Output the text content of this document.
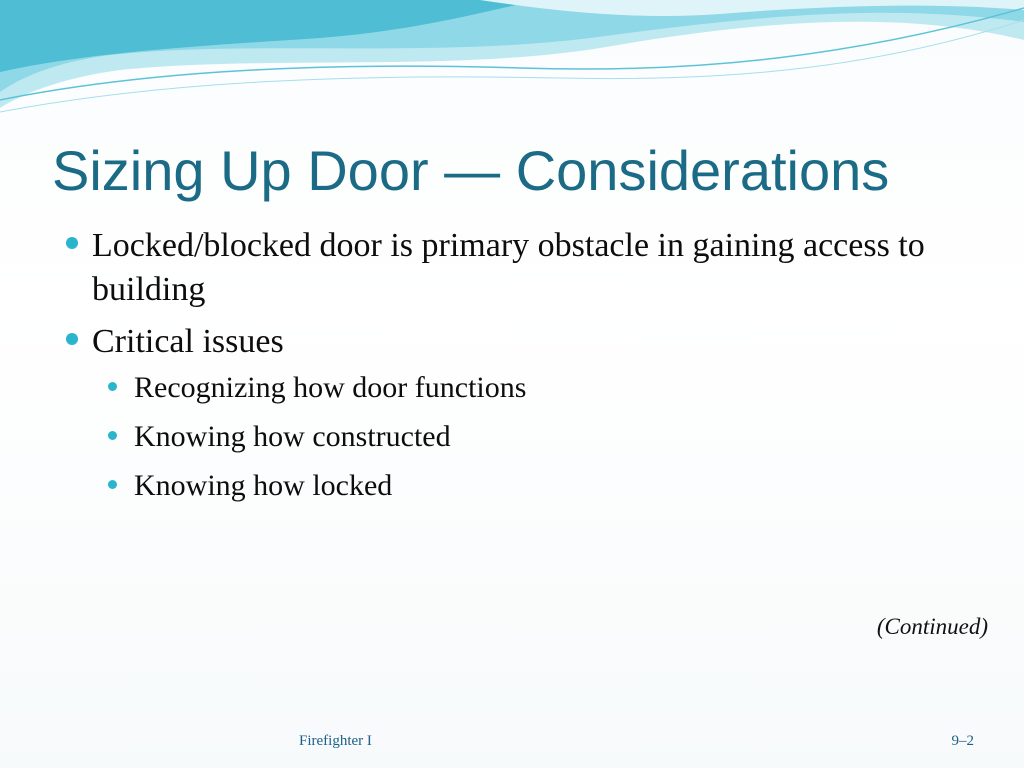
Sizing Up Door — Considerations
Locked/blocked door is primary obstacle in gaining access to building
Critical issues
Recognizing how door functions
Knowing how constructed
Knowing how locked
(Continued)
Firefighter I	9–2
